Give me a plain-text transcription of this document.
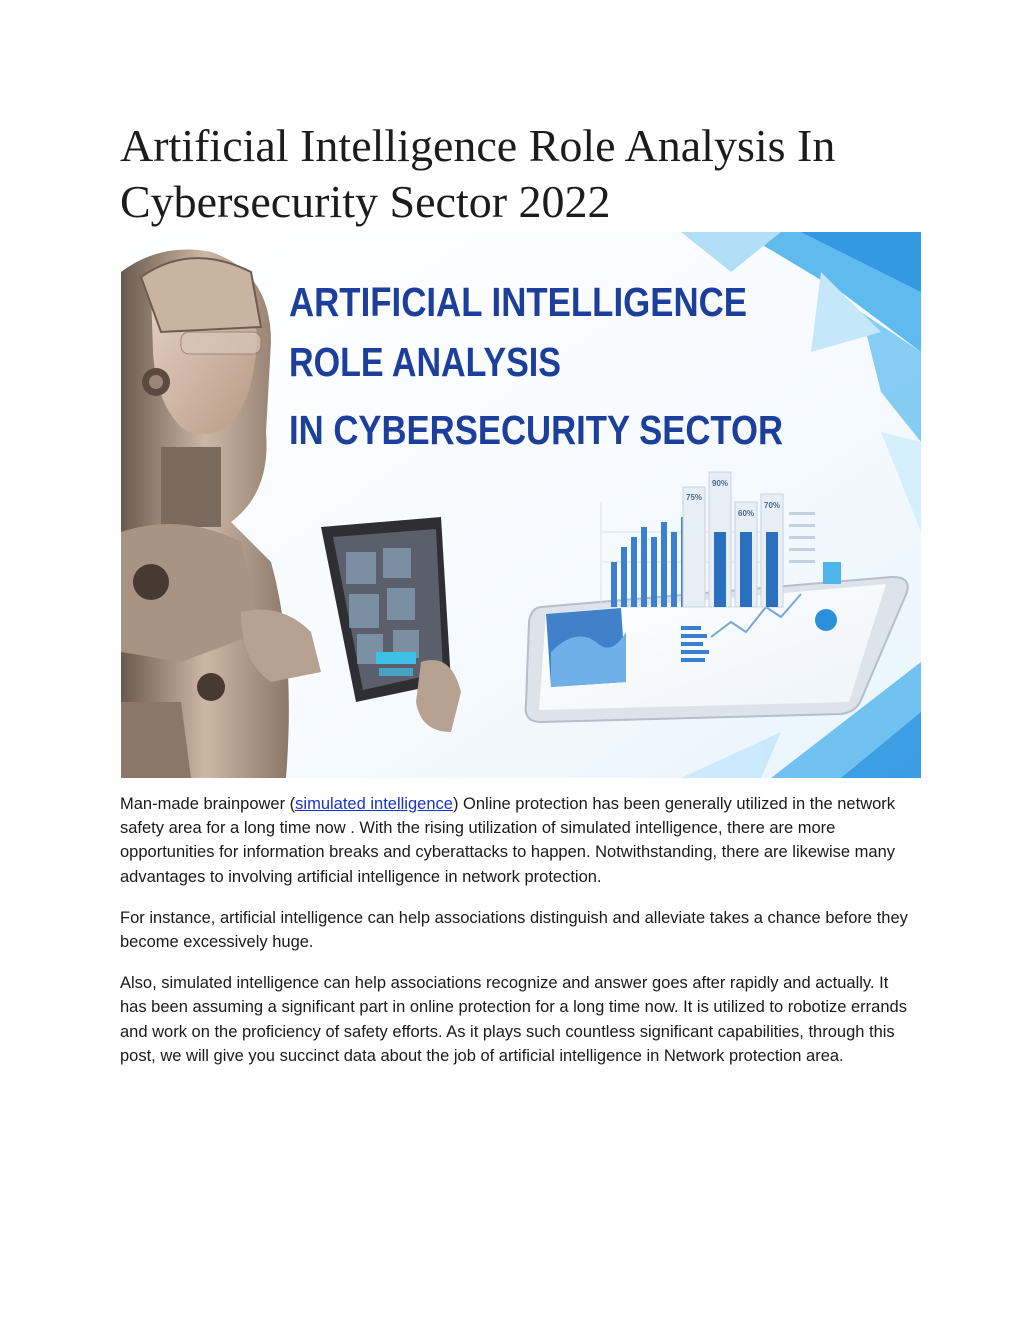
Artificial Intelligence Role Analysis In
Cybersecurity Sector 2022
ARTIFICIAL INTELLIGENCE
ROLE ANALYSIS
IN CYBERSECURITY SECTOR
75%
90%
60%
70%

Man-made brainpower (simulated intelligence) Online protection has been generally utilized in the network safety area for a long time now . With the rising utilization of simulated intelligence, there are more opportunities for information breaks and cyberattacks to happen. Notwithstanding, there are likewise many advantages to involving artificial intelligence in network protection.

For instance, artificial intelligence can help associations distinguish and alleviate takes a chance before they become excessively huge.

Also, simulated intelligence can help associations recognize and answer goes after rapidly and actually. It has been assuming a significant part in online protection for a long time now. It is utilized to robotize errands and work on the proficiency of safety efforts. As it plays such countless significant capabilities, through this post, we will give you succinct data about the job of artificial intelligence in Network protection area.
